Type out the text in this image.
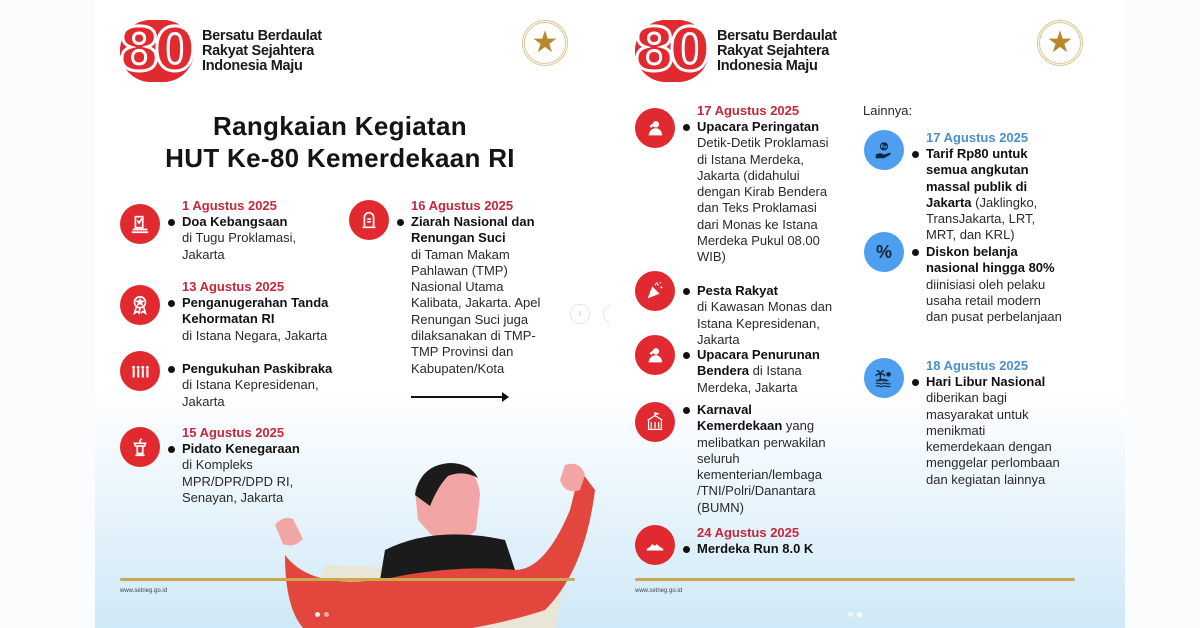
80 Bersatu Berdaulat
Rakyat Sejahtera
Indonesia Maju
★
Rangkaian Kegiatan
HUT Ke-80 Kemerdekaan RI
1 Agustus 2025
Doa Kebangsaan
di Tugu Proklamasi, Jakarta
13 Agustus 2025
Penganugerahan Tanda Kehormatan RI
di Istana Negara, Jakarta
Pengukuhan Paskibraka di Istana Kepresidenan, Jakarta
15 Agustus 2025
Pidato Kenegaraan
di Kompleks MPR/DPR/DPD RI, Senayan, Jakarta
16 Agustus 2025
Ziarah Nasional dan Renungan Suci
di Taman Makam Pahlawan (TMP) Nasional Utama Kalibata, Jakarta. Apel Renungan Suci juga dilaksanakan di TMP-TMP Provinsi dan Kabupaten/Kota
www.setneg.go.id
›
80 Bersatu Berdaulat
Rakyat Sejahtera
Indonesia Maju
★
17 Agustus 2025
Upacara Peringatan
Detik-Detik Proklamasi di Istana Merdeka, Jakarta (didahului dengan Kirab Bendera dan Teks Proklamasi dari Monas ke Istana Merdeka Pukul 08.00 WIB)
Pesta Rakyat
di Kawasan Monas dan Istana Kepresidenan, Jakarta
Upacara Penurunan Bendera di Istana Merdeka, Jakarta
Karnaval Kemerdekaan yang melibatkan perwakilan seluruh kementerian/lembaga /TNI/Polri/Danantara (BUMN)
24 Agustus 2025
Merdeka Run 8.0 K
Lainnya:
Rp
17 Agustus 2025
Tarif Rp80 untuk semua angkutan massal publik di Jakarta (Jaklingko, TransJakarta, LRT, MRT, dan KRL)
%	Diskon belanja nasional hingga 80%
diinisiasi oleh pelaku usaha retail modern dan pusat perbelanjaan
18 Agustus 2025
Hari Libur Nasional
diberikan bagi masyarakat untuk menikmati kemerdekaan dengan menggelar perlombaan dan kegiatan lainnya
www.setneg.go.id
